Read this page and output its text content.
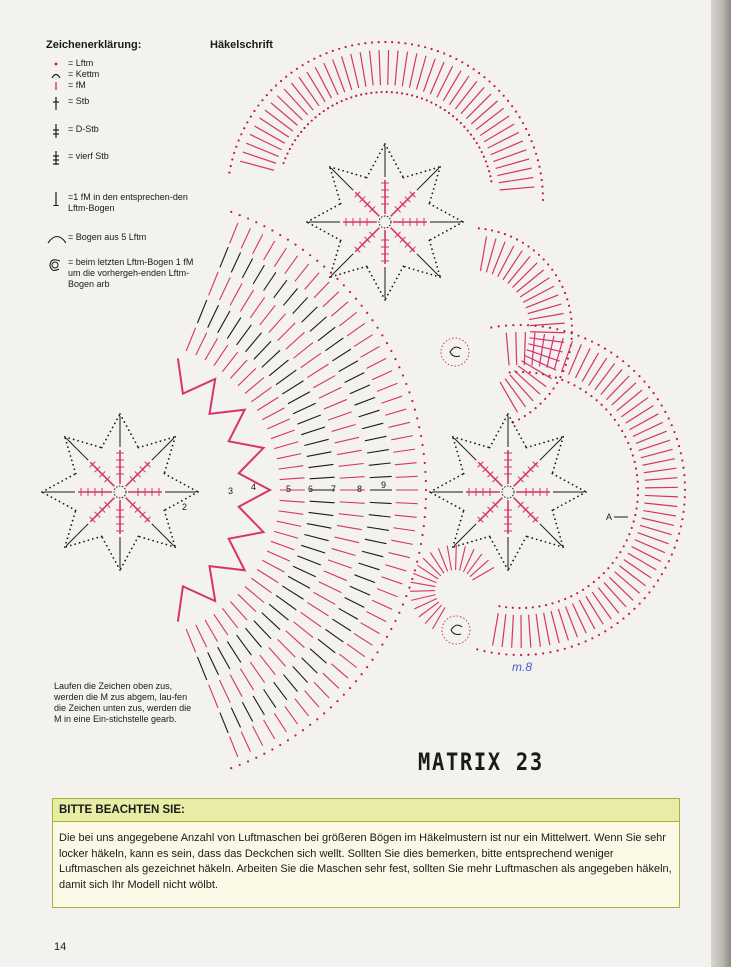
Zeichenerklärung:	Häkelschrift
= Lftm
= Kettm
= fM
= Stb
= D-Stb
= vierf Stb
=1 fM in den entsprechen-den Lftm-Bogen
= Bogen aus 5 Lftm
= beim letzten Lftm-Bogen 1 fM um die vorhergeh-enden Lftm-Bogen arb
2
3 4	5 6 7 8 9
A
Laufen die Zeichen oben zus, werden die M zus abgem, lau-fen die Zeichen unten zus, werden die M in eine Ein-stichstelle gearb.
m.8
MATRIX 23
BITTE BEACHTEN SIE:
Die bei uns angegebene Anzahl von Luftmaschen bei größeren Bögen im Häkelmustern ist nur ein Mittelwert. Wenn Sie sehr locker häkeln, kann es sein, dass das Deckchen sich wellt. Sollten Sie dies bemerken, bitte entsprechend weniger Luftmaschen als gezeichnet häkeln. Arbeiten Sie die Maschen sehr fest, sollten Sie mehr Luftmaschen als angegeben häkeln, damit sich Ihr Modell nicht wölbt.
14
